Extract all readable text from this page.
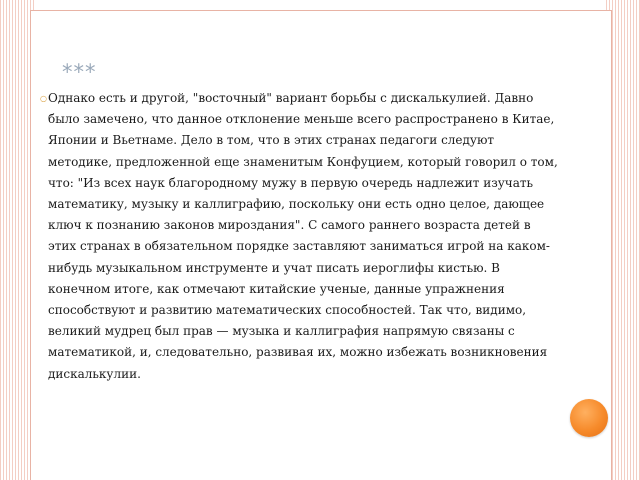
***
○ Однако есть и другой, "восточный" вариант борьбы с дискалькулией. Давно было замечено, что данное отклонение меньше всего распространено в Китае, Японии и Вьетнаме. Дело в том, что в этих странах педагоги следуют методике, предложенной еще знаменитым Конфуцием, который говорил о том, что: "Из всех наук благородному мужу в первую очередь надлежит изучать математику, музыку и каллиграфию, поскольку они есть одно целое, дающее ключ к познанию законов мироздания". С самого раннего возраста детей в этих странах в обязательном порядке заставляют заниматься игрой на каком-нибудь музыкальном инструменте и учат писать иероглифы кистью. В конечном итоге, как отмечают китайские ученые, данные упражнения способствуют и развитию математических способностей. Так что, видимо, великий мудрец был прав — музыка и каллиграфия напрямую связаны с математикой, и, следовательно, развивая их, можно избежать возникновения дискалькулии.
